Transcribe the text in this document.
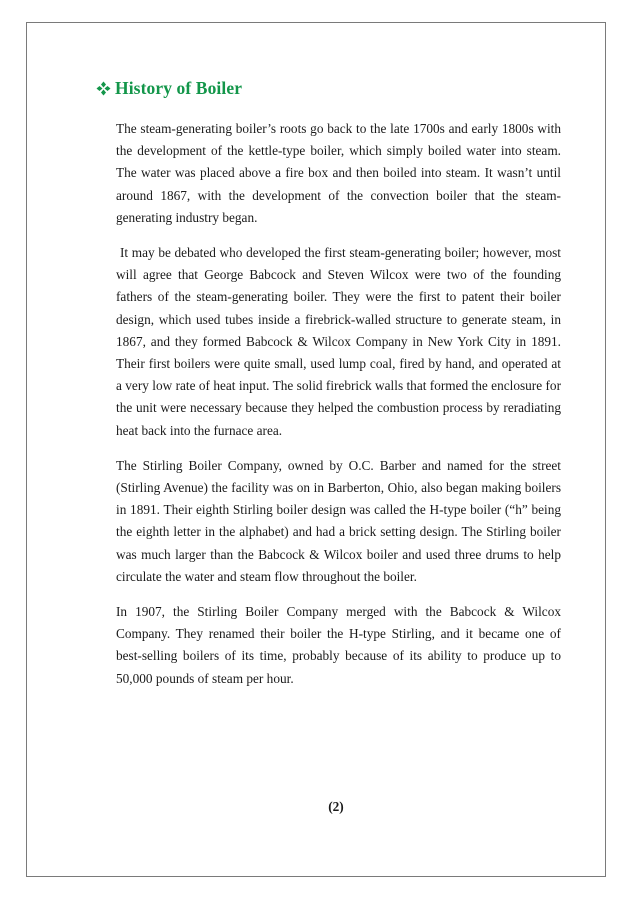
History of Boiler

The steam-generating boiler’s roots go back to the late 1700s and early 1800s with the development of the kettle-type boiler, which simply boiled water into steam. The water was placed above a fire box and then boiled into steam. It wasn’t until around 1867, with the development of the convection boiler that the steam-generating industry began.

It may be debated who developed the first steam-generating boiler; however, most will agree that George Babcock and Steven Wilcox were two of the founding fathers of the steam-generating boiler. They were the first to patent their boiler design, which used tubes inside a firebrick-walled structure to generate steam, in 1867, and they formed Babcock & Wilcox Company in New York City in 1891. Their first boilers were quite small, used lump coal, fired by hand, and operated at a very low rate of heat input. The solid firebrick walls that formed the enclosure for the unit were necessary because they helped the combustion process by reradiating heat back into the furnace area.

The Stirling Boiler Company, owned by O.C. Barber and named for the street (Stirling Avenue) the facility was on in Barberton, Ohio, also began making boilers in 1891. Their eighth Stirling boiler design was called the H-type boiler (“h” being the eighth letter in the alphabet) and had a brick setting design. The Stirling boiler was much larger than the Babcock & Wilcox boiler and used three drums to help circulate the water and steam flow throughout the boiler.

In 1907, the Stirling Boiler Company merged with the Babcock & Wilcox Company. They renamed their boiler the H-type Stirling, and it became one of best-selling boilers of its time, probably because of its ability to produce up to 50,000 pounds of steam per hour.

(2)
